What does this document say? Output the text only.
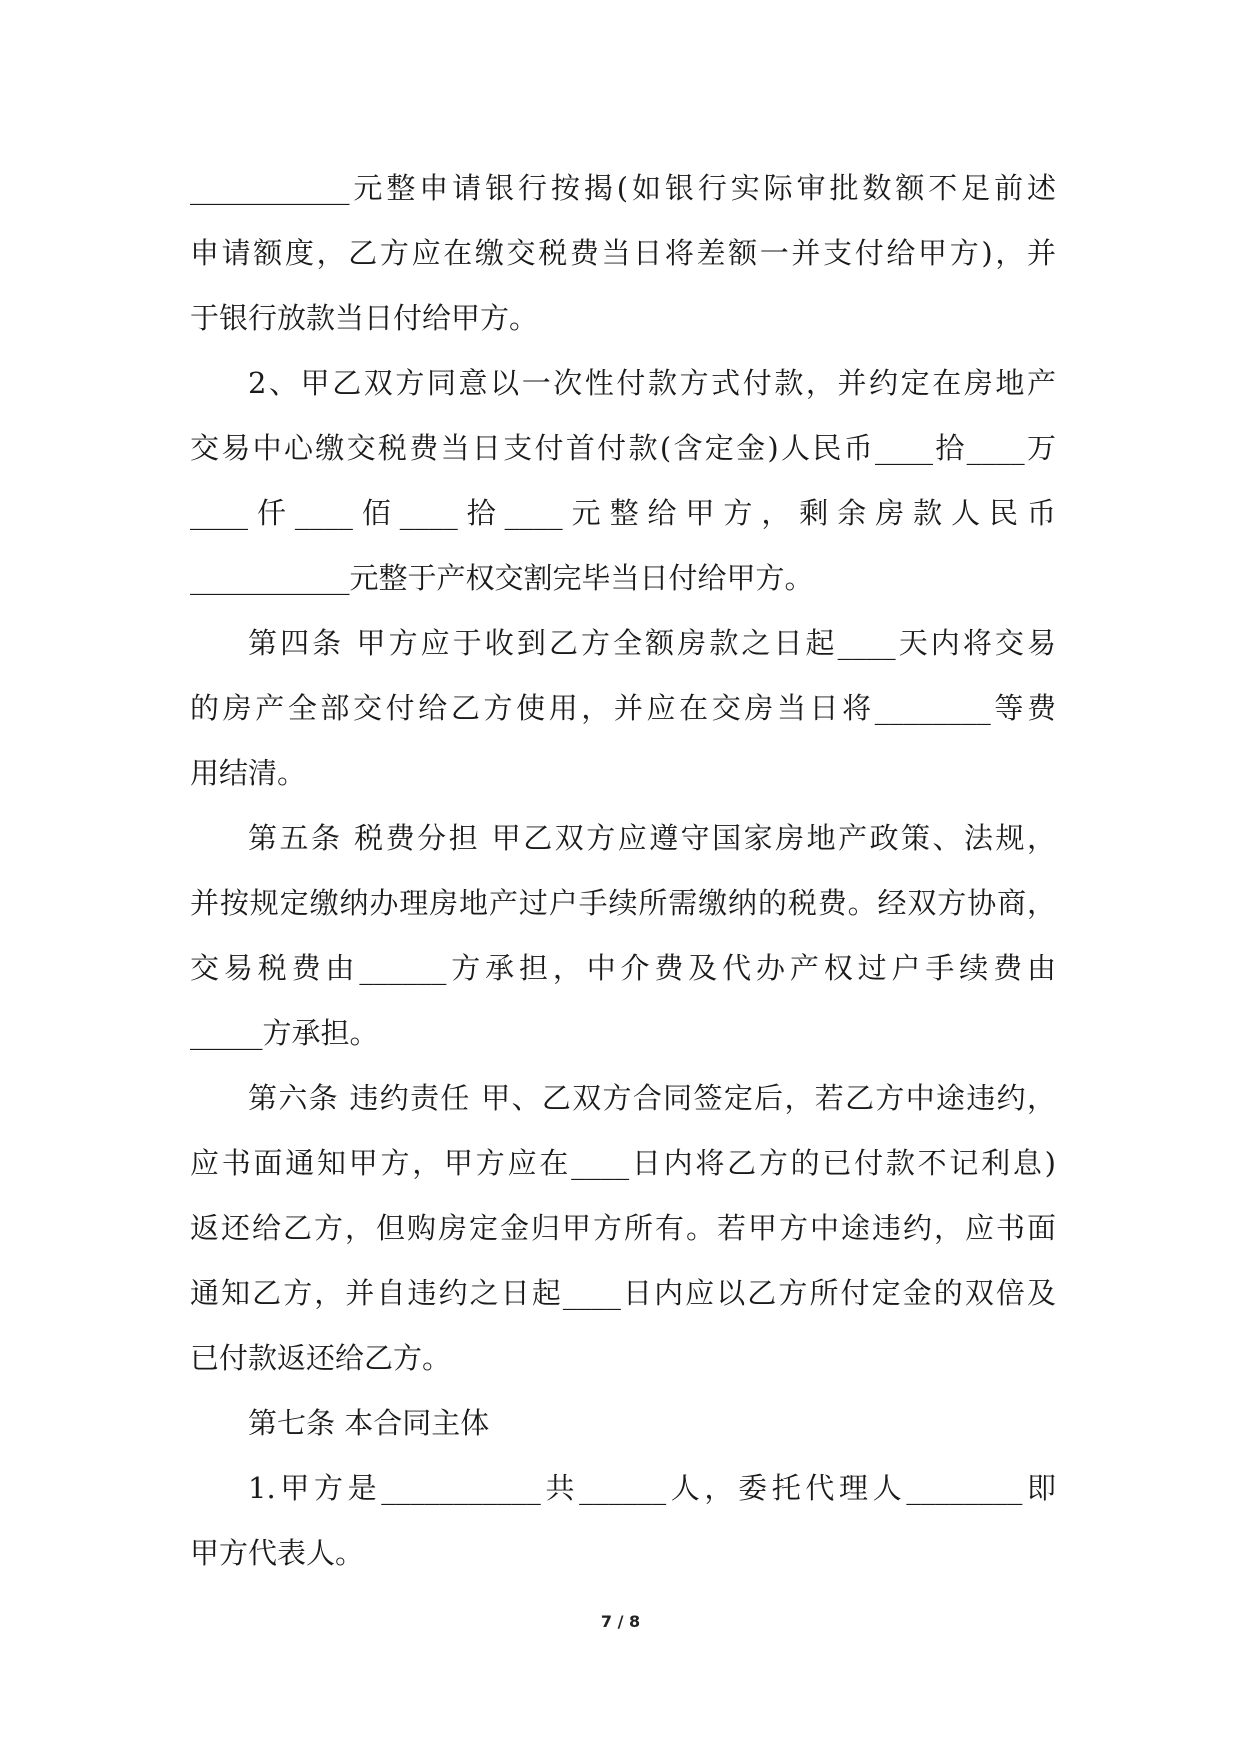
___________元整申请银行按揭(如银行实际审批数额不足前述
申请额度，乙方应在缴交税费当日将差额一并支付给甲方)，并
于银行放款当日付给甲方。
2、甲乙双方同意以一次性付款方式付款，并约定在房地产
交易中心缴交税费当日支付首付款(含定金)人民币____拾____万
____仟____佰____拾____元整给甲方，剩余房款人民币
___________元整于产权交割完毕当日付给甲方。
第四条 甲方应于收到乙方全额房款之日起____天内将交易
的房产全部交付给乙方使用，并应在交房当日将________等费
用结清。
第五条 税费分担 甲乙双方应遵守国家房地产政策、法规，
并按规定缴纳办理房地产过户手续所需缴纳的税费。经双方协商，
交易税费由______方承担，中介费及代办产权过户手续费由
_____方承担。
第六条 违约责任 甲、乙双方合同签定后，若乙方中途违约，
应书面通知甲方，甲方应在____日内将乙方的已付款不记利息)
返还给乙方，但购房定金归甲方所有。若甲方中途违约，应书面
通知乙方，并自违约之日起____日内应以乙方所付定金的双倍及
已付款返还给乙方。
第七条 本合同主体
1.甲方是___________共______人，委托代理人________即
甲方代表人。
7 / 8
